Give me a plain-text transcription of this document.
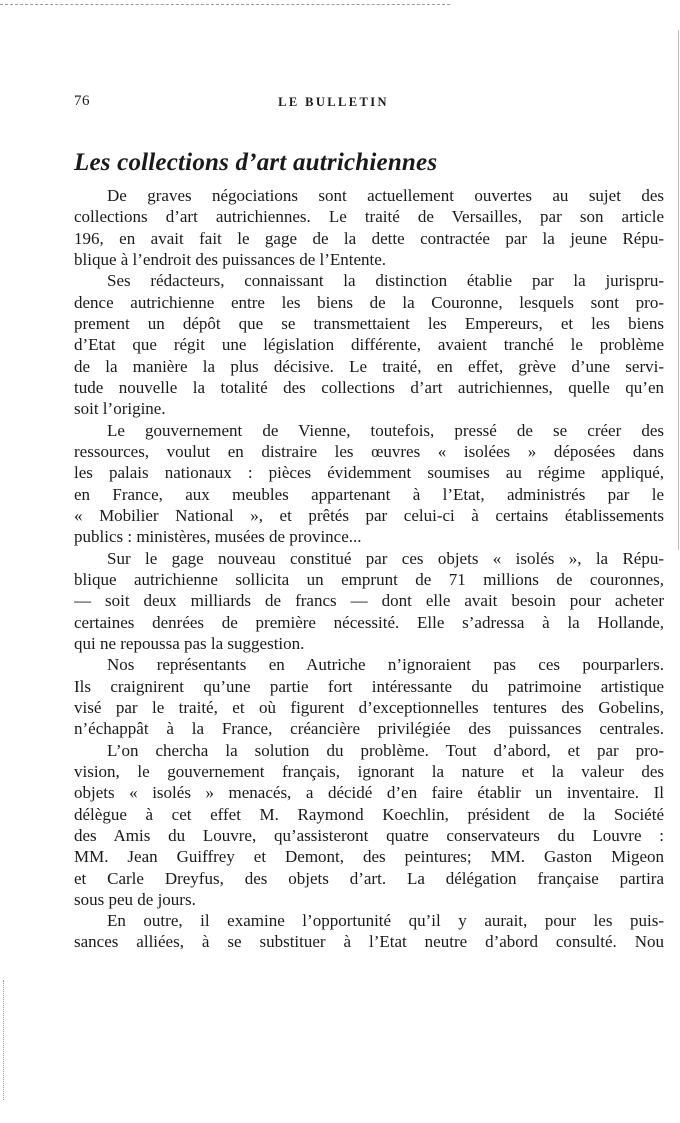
76	LE BULLETIN
Les collections d’art autrichiennes
De graves négociations sont actuellement ouvertes au sujet des
collections d’art autrichiennes. Le traité de Versailles, par son article
196, en avait fait le gage de la dette contractée par la jeune Répu-
blique à l’endroit des puissances de l’Entente.
Ses rédacteurs, connaissant la distinction établie par la jurispru-
dence autrichienne entre les biens de la Couronne, lesquels sont pro-
prement un dépôt que se transmettaient les Empereurs, et les biens
d’Etat que régit une législation différente, avaient tranché le problème
de la manière la plus décisive. Le traité, en effet, grève d’une servi-
tude nouvelle la totalité des collections d’art autrichiennes, quelle qu’en
soit l’origine.
Le gouvernement de Vienne, toutefois, pressé de se créer des
ressources, voulut en distraire les œuvres « isolées » déposées dans
les palais nationaux : pièces évidemment soumises au régime appliqué,
en France, aux meubles appartenant à l’Etat, administrés par le
« Mobilier National », et prêtés par celui-ci à certains établissements
publics : ministères, musées de province...
Sur le gage nouveau constitué par ces objets « isolés », la Répu-
blique autrichienne sollicita un emprunt de 71 millions de couronnes,
— soit deux milliards de francs — dont elle avait besoin pour acheter
certaines denrées de première nécessité. Elle s’adressa à la Hollande,
qui ne repoussa pas la suggestion.
Nos représentants en Autriche n’ignoraient pas ces pourparlers.
Ils craignirent qu’une partie fort intéressante du patrimoine artistique
visé par le traité, et où figurent d’exceptionnelles tentures des Gobelins,
n’échappât à la France, créancière privilégiée des puissances centrales.
L’on chercha la solution du problème. Tout d’abord, et par pro-
vision, le gouvernement français, ignorant la nature et la valeur des
objets « isolés » menacés, a décidé d’en faire établir un inventaire. Il
délègue à cet effet M. Raymond Koechlin, président de la Société
des Amis du Louvre, qu’assisteront quatre conservateurs du Louvre :
MM. Jean Guiffrey et Demont, des peintures; MM. Gaston Migeon
et Carle Dreyfus, des objets d’art. La délégation française partira
sous peu de jours.
En outre, il examine l’opportunité qu’il y aurait, pour les puis-
sances alliées, à se substituer à l’Etat neutre d’abord consulté. Nou
